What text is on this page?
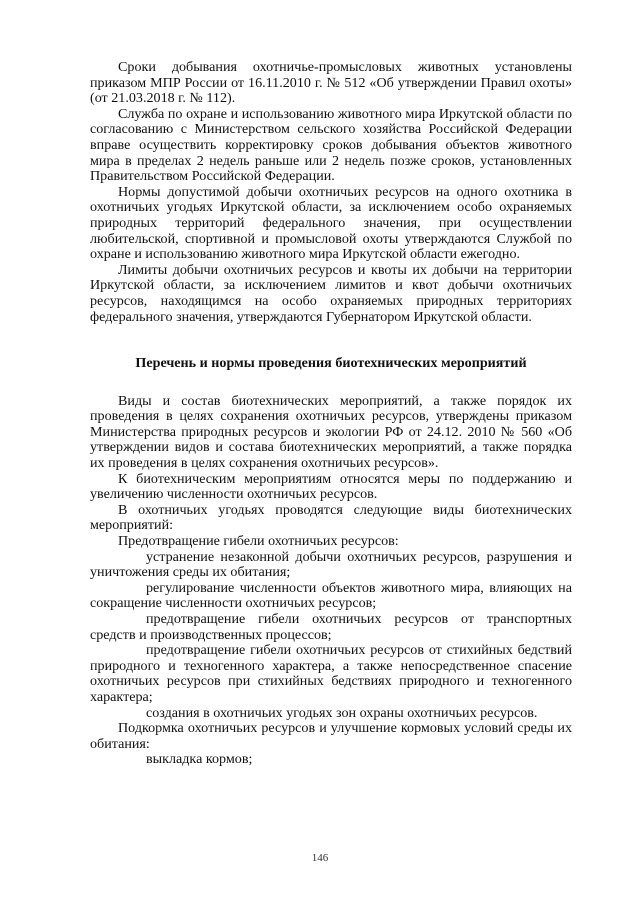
Сроки добывания охотничье-промысловых животных установлены приказом МПР России от 16.11.2010 г. № 512 «Об утверждении Правил охоты» (от 21.03.2018 г. № 112).

Служба по охране и использованию животного мира Иркутской области по согласованию с Министерством сельского хозяйства Российской Федерации вправе осуществить корректировку сроков добывания объектов животного мира в пределах 2 недель раньше или 2 недель позже сроков, установленных Правительством Российской Федерации.

Нормы допустимой добычи охотничьих ресурсов на одного охотника в охотничьих угодьях Иркутской области, за исключением особо охраняемых природных территорий федерального значения, при осуществлении любительской, спортивной и промысловой охоты утверждаются Службой по охране и использованию животного мира Иркутской области ежегодно.

Лимиты добычи охотничьих ресурсов и квоты их добычи на территории Иркутской области, за исключением лимитов и квот добычи охотничьих ресурсов, находящимся на особо охраняемых природных территориях федерального значения, утверждаются Губернатором Иркутской области.

Перечень и нормы проведения биотехнических мероприятий

Виды и состав биотехнических мероприятий, а также порядок их проведения в целях сохранения охотничьих ресурсов, утверждены приказом Министерства природных ресурсов и экологии РФ от 24.12. 2010 № 560 «Об утверждении видов и состава биотехнических мероприятий, а также порядка их проведения в целях сохранения охотничьих ресурсов».

К биотехническим мероприятиям относятся меры по поддержанию и увеличению численности охотничьих ресурсов.

В охотничьих угодьях проводятся следующие виды биотехнических мероприятий:

Предотвращение гибели охотничьих ресурсов:

устранение незаконной добычи охотничьих ресурсов, разрушения и уничтожения среды их обитания;

регулирование численности объектов животного мира, влияющих на сокращение численности охотничьих ресурсов;

предотвращение гибели охотничьих ресурсов от транспортных средств и производственных процессов;

предотвращение гибели охотничьих ресурсов от стихийных бедствий природного и техногенного характера, а также непосредственное спасение охотничьих ресурсов при стихийных бедствиях природного и техногенного характера;

создания в охотничьих угодьях зон охраны охотничьих ресурсов.

Подкормка охотничьих ресурсов и улучшение кормовых условий среды их обитания:

выкладка кормов;

146
